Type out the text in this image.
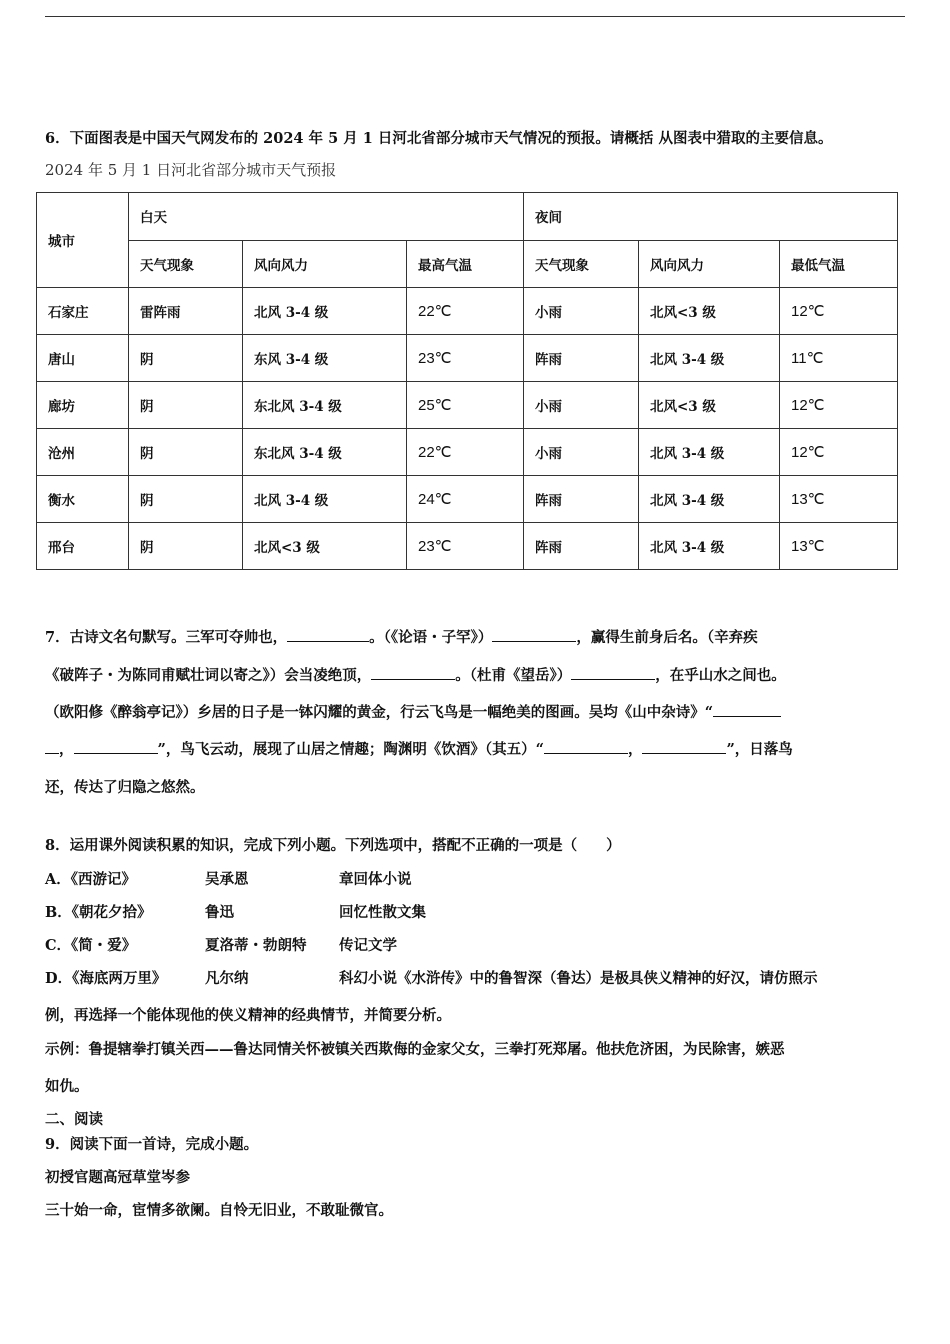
6．下面图表是中国天气网发布的 2024 年 5 月 1 日河北省部分城市天气情况的预报。请概括 从图表中猎取的主要信息。
2024 年 5 月 1 日河北省部分城市天气预报
城市	白天			夜间		
	天气现象	风向风力	最高气温	天气现象	风向风力	最低气温
石家庄	雷阵雨	北风 3-4 级	22℃	小雨	北风<3 级	12℃
唐山	阴	东风 3-4 级	23℃	阵雨	北风 3-4 级	11℃
廊坊	阴	东北风 3-4 级	25℃	小雨	北风<3 级	12℃
沧州	阴	东北风 3-4 级	22℃	小雨	北风 3-4 级	12℃
衡水	阴	北风 3-4 级	24℃	阵雨	北风 3-4 级	13℃
邢台	阴	北风<3 级	23℃	阵雨	北风 3-4 级	13℃
7．古诗文名句默写。三军可夺帅也，	。（《论语・子罕》）	，赢得生前身后名。（辛弃疾
《破阵子・为陈同甫赋壮词以寄之》）会当凌绝顶，	。（杜甫《望岳》）	，在乎山水之间也。
（欧阳修《醉翁亭记》）乡居的日子是一钵闪耀的黄金，行云飞鸟是一幅绝美的图画。吴均《山中杂诗》“
，	”，鸟飞云动，展现了山居之情趣；陶渊明《饮酒》（其五）“	，	”，日落鸟
还，传达了归隐之悠然。
8．运用课外阅读积累的知识，完成下列小题。下列选项中，搭配不正确的一项是（　　）
A．《西游记》	吴承恩	章回体小说
B．《朝花夕拾》	鲁迅	回忆性散文集
C．《简・爱》	夏洛蒂・勃朗特 传记文学
D．《海底两万里》	凡尔纳	科幻小说《水浒传》中的鲁智深（鲁达）是极具侠义精神的好汉，请仿照示
例，再选择一个能体现他的侠义精神的经典情节，并简要分析。
示例：鲁提辖拳打镇关西——鲁达同情关怀被镇关西欺侮的金家父女，三拳打死郑屠。他扶危济困，为民除害，嫉恶
如仇。
二、阅读
9．阅读下面一首诗，完成小题。
初授官题高冠草堂岑参
三十始一命，宦情多欲阑。自怜无旧业，不敢耻微官。
